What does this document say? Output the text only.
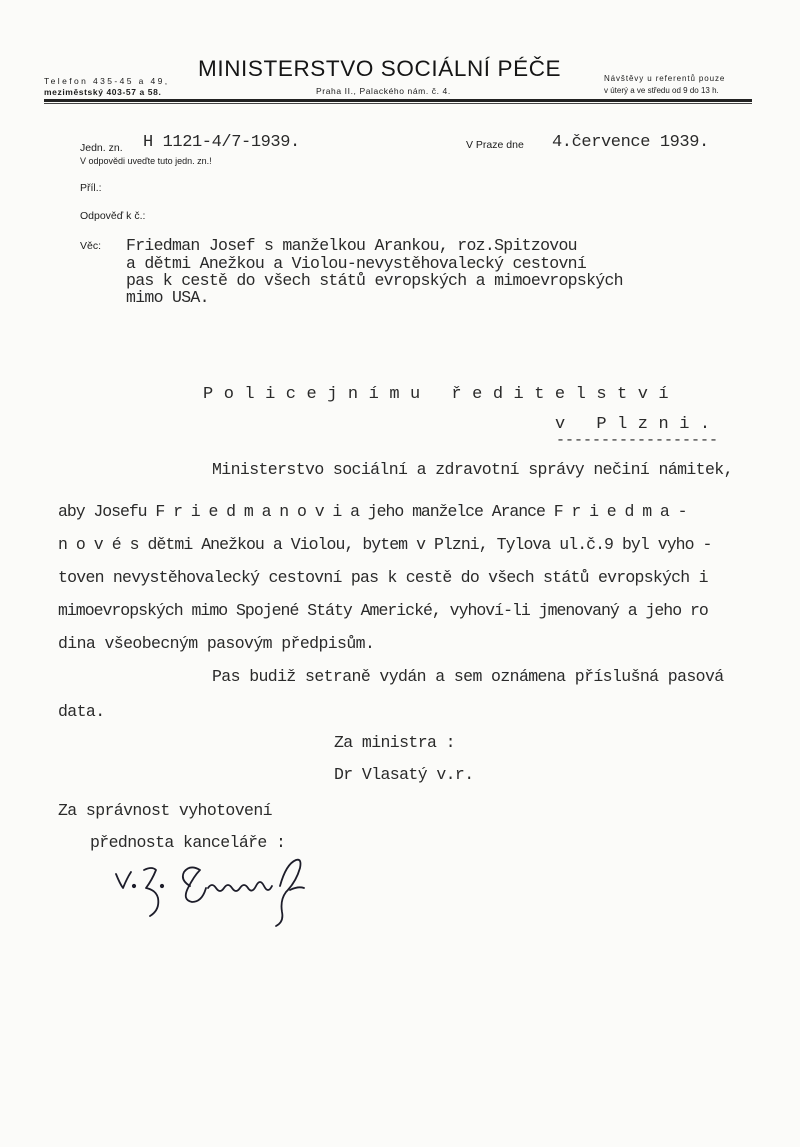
MINISTERSTVO SOCIÁLNÍ PÉČE
Telefon 435-45 a 49,
meziměstský 403-57 a 58.	Praha II., Palackého nám. č. 4.
Návštěvy u referentů pouze
v úterý a ve středu od 9 do 13 h.
Jedn. zn. H 1121-4/7-1939.
V odpovědi uveďte tuto jedn. zn.!
V Praze dne 4.července 1939.
Příl.:
Odpověď k č.:
Věc: Friedman Josef s manželkou Arankou, roz.Spitzovou
a dětmi Anežkou a Violou-nevystěhovalecký cestovní
pas k cestě do všech států evropských a mimoevropských
mimo USA.
Policejnímu ředitelství
v Plzni.
------------------
Ministerstvo sociální a zdravotní správy nečiní námitek,
aby Josefu F r i e d m a n o v i a jeho manželce Arance F r i e d m a -
n o v é s dětmi Anežkou a Violou, bytem v Plzni, Tylova ul.č.9 byl vyho -
toven nevystěhovalecký cestovní pas k cestě do všech států evropských i
mimoevropských mimo Spojené Státy Americké, vyhoví-li jmenovaný a jeho ro
dina všeobecným pasovým předpisům.
Pas budiž setraně vydán a sem oznámena příslušná pasová
data.
Za ministra :
Dr Vlasatý v.r.
Za správnost vyhotovení
přednosta kanceláře :
